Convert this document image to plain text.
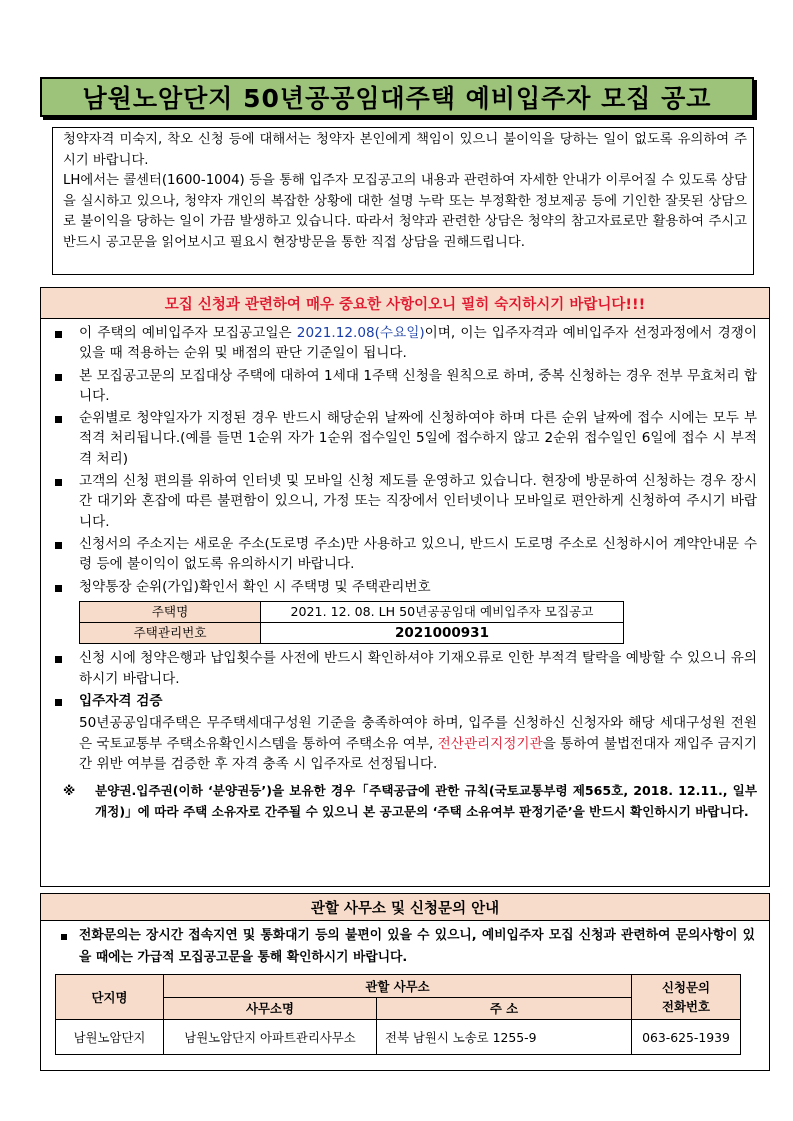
남원노암단지 50년공공임대주택 예비입주자 모집 공고

청약자격 미숙지, 착오 신청 등에 대해서는 청약자 본인에게 책임이 있으니 불이익을 당하는 일이 없도록 유의하여 주시기 바랍니다.

LH에서는 콜센터(1600-1004) 등을 통해 입주자 모집공고의 내용과 관련하여 자세한 안내가 이루어질 수 있도록 상담을 실시하고 있으나, 청약자 개인의 복잡한 상황에 대한 설명 누락 또는 부정확한 정보제공 등에 기인한 잘못된 상담으로 불이익을 당하는 일이 가끔 발생하고 있습니다. 따라서 청약과 관련한 상담은 청약의 참고자료로만 활용하여 주시고 반드시 공고문을 읽어보시고 필요시 현장방문을 통한 직접 상담을 권해드립니다.

모집 신청과 관련하여 매우 중요한 사항이오니 필히 숙지하시기 바랍니다!!!
이 주택의 예비입주자 모집공고일은 2021.12.08(수요일)이며, 이는 입주자격과 예비입주자 선정과정에서 경쟁이 있을 때 적용하는 순위 및 배점의 판단 기준일이 됩니다.
본 모집공고문의 모집대상 주택에 대하여 1세대 1주택 신청을 원칙으로 하며, 중복 신청하는 경우 전부 무효처리 합니다.
순위별로 청약일자가 지정된 경우 반드시 해당순위 날짜에 신청하여야 하며 다른 순위 날짜에 접수 시에는 모두 부적격 처리됩니다.(예를 들면 1순위 자가 1순위 접수일인 5일에 접수하지 않고 2순위 접수일인 6일에 접수 시 부적격 처리)
고객의 신청 편의를 위하여 인터넷 및 모바일 신청 제도를 운영하고 있습니다. 현장에 방문하여 신청하는 경우 장시간 대기와 혼잡에 따른 불편함이 있으니, 가정 또는 직장에서 인터넷이나 모바일로 편안하게 신청하여 주시기 바랍니다.
신청서의 주소지는 새로운 주소(도로명 주소)만 사용하고 있으니, 반드시 도로명 주소로 신청하시어 계약안내문 수령 등에 불이익이 없도록 유의하시기 바랍니다.
청약통장 순위(가입)확인서 확인 시 주택명 및 주택관리번호
주택명	2021. 12. 08. LH 50년공공임대 예비입주자 모집공고
주택관리번호	2021000931
신청 시에 청약은행과 납입횟수를 사전에 반드시 확인하셔야 기재오류로 인한 부적격 탈락을 예방할 수 있으니 유의하시기 바랍니다.
입주자격 검증
50년공공임대주택은 무주택세대구성원 기준을 충족하여야 하며, 입주를 신청하신 신청자와 해당 세대구성원 전원은 국토교통부 주택소유확인시스템을 통하여 주택소유 여부, 전산관리지정기관을 통하여 불법전대자 재입주 금지기간 위반 여부를 검증한 후 자격 충족 시 입주자로 선정됩니다.
※ 분양권.입주권(이하 ‘분양권등’)을 보유한 경우「주택공급에 관한 규칙(국토교통부령 제565호, 2018. 12.11., 일부개정)」에 따라 주택 소유자로 간주될 수 있으니 본 공고문의 ‘주택 소유여부 판정기준’을 반드시 확인하시기 바랍니다.
관할 사무소 및 신청문의 안내
전화문의는 장시간 접속지연 및 통화대기 등의 불편이 있을 수 있으니, 예비입주자 모집 신청과 관련하여 문의사항이 있을 때에는 가급적 모집공고문을 통해 확인하시기 바랍니다.
단지명	관할 사무소		신청문의
전화번호
	사무소명	주 소	
남원노암단지	남원노암단지 아파트관리사무소	전북 남원시 노송로 1255-9	063-625-1939
